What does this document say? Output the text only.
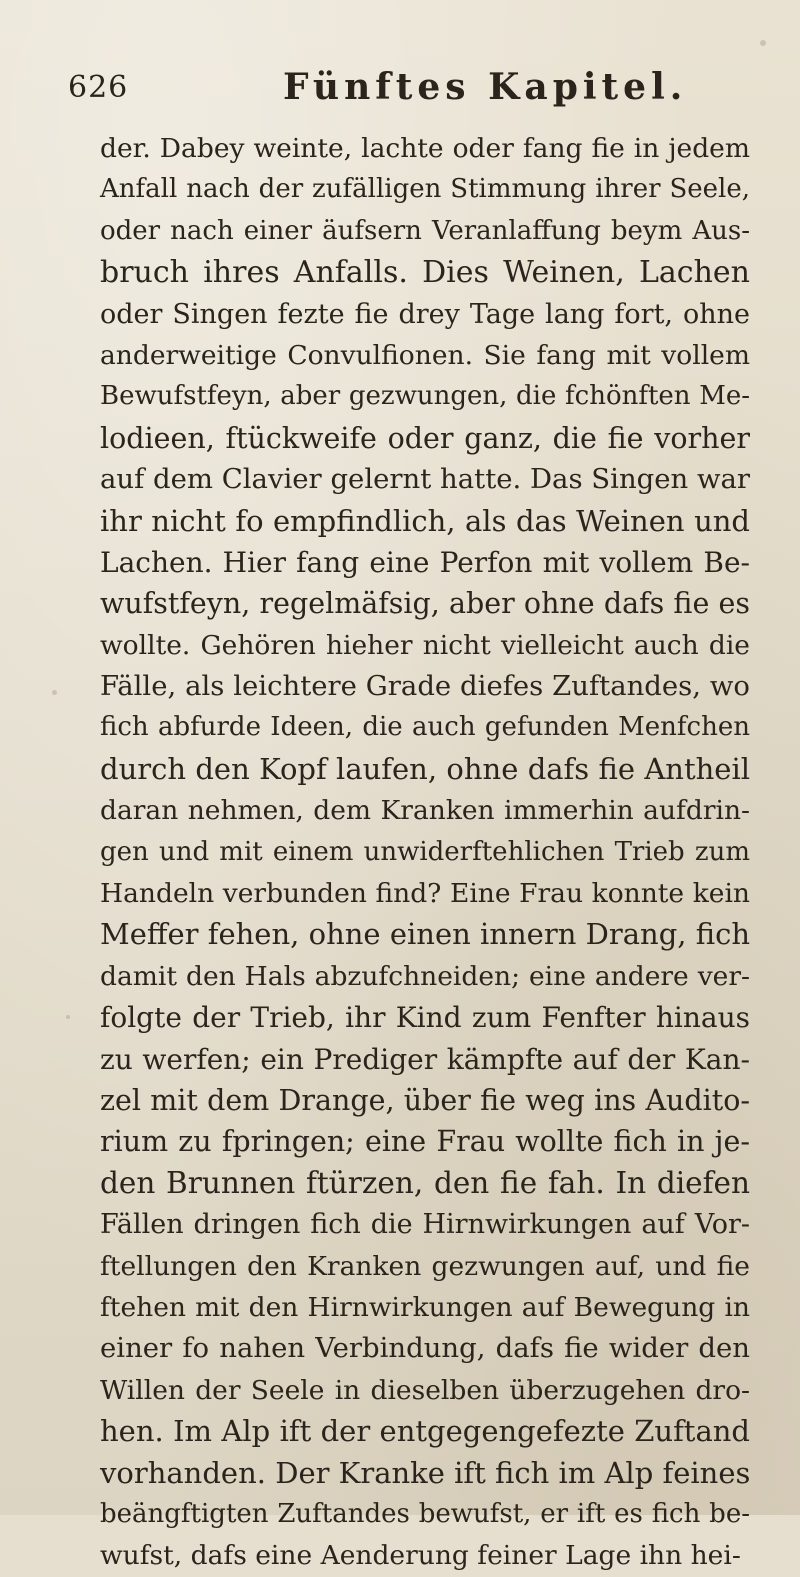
626	Fünftes Kapitel.
der. Dabey weinte, lachte oder fang fie in jedem
Anfall nach der zufälligen Stimmung ihrer Seele,
oder nach einer äufsern Veranlaffung beym Aus-
bruch ihres Anfalls. Dies Weinen, Lachen
oder Singen fezte fie drey Tage lang fort, ohne
anderweitige Convulfionen. Sie fang mit vollem
Bewufstfeyn, aber gezwungen, die fchönften Me-
lodieen, ftückweife oder ganz, die fie vorher
auf dem Clavier gelernt hatte. Das Singen war
ihr nicht fo empfindlich, als das Weinen und
Lachen. Hier fang eine Perfon mit vollem Be-
wufstfeyn, regelmäfsig, aber ohne dafs fie es
wollte. Gehören hieher nicht vielleicht auch die
Fälle, als leichtere Grade diefes Zuftandes, wo
fich abfurde Ideen, die auch gefunden Menfchen
durch den Kopf laufen, ohne dafs fie Antheil
daran nehmen, dem Kranken immerhin aufdrin-
gen und mit einem unwiderftehlichen Trieb zum
Handeln verbunden find? Eine Frau konnte kein
Meffer fehen, ohne einen innern Drang, fich
damit den Hals abzufchneiden; eine andere ver-
folgte der Trieb, ihr Kind zum Fenfter hinaus
zu werfen; ein Prediger kämpfte auf der Kan-
zel mit dem Drange, über fie weg ins Audito-
rium zu fpringen; eine Frau wollte fich in je-
den Brunnen ftürzen, den fie fah. In diefen
Fällen dringen fich die Hirnwirkungen auf Vor-
ftellungen den Kranken gezwungen auf, und fie
ftehen mit den Hirnwirkungen auf Bewegung in
einer fo nahen Verbindung, dafs fie wider den
Willen der Seele in dieselben überzugehen dro-
hen. Im Alp ift der entgegengefezte Zuftand
vorhanden. Der Kranke ift fich im Alp feines
beängftigten Zuftandes bewufst, er ift es fich be-
wufst, dafs eine Aenderung feiner Lage ihn hei-
